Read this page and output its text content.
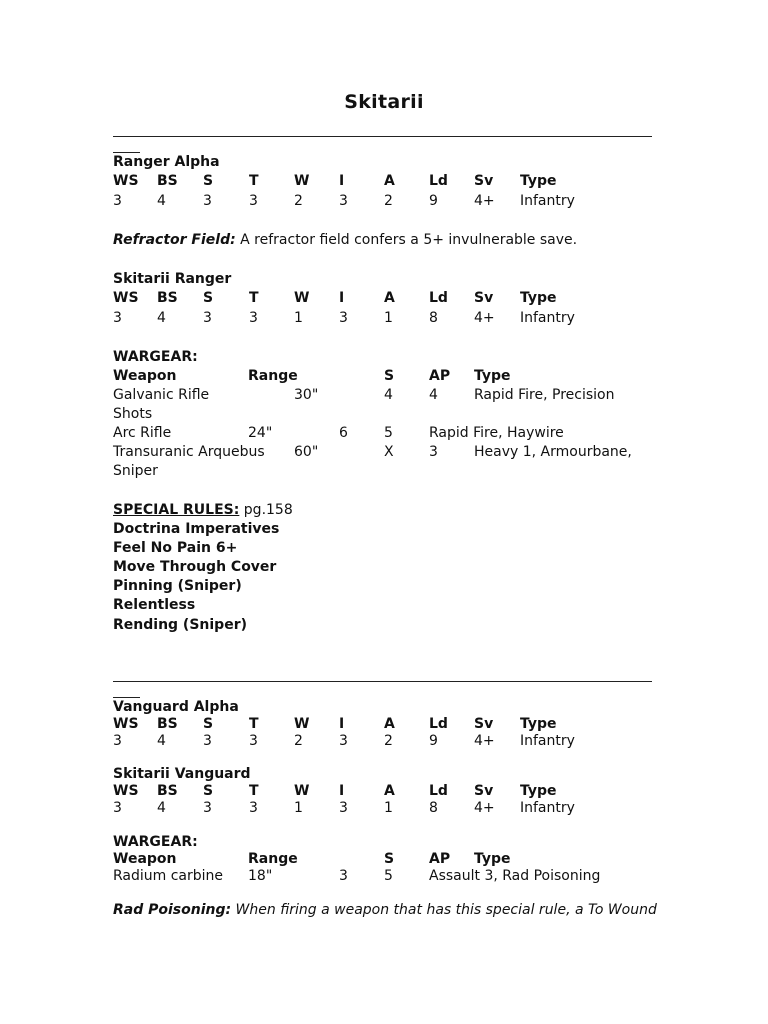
Skitarii
Ranger Alpha
WS BS S	T	W I	A Ld Sv Type
3	4	3	3	2	3	2	9	4+ Infantry
Refractor Field: A refractor field confers a 5+ invulnerable save.
Skitarii Ranger
WS BS S	T	W I	A Ld Sv Type
3	4	3	3	1	3	1	8	4+ Infantry
WARGEAR:
Weapon	Range	S AP Type
Galvanic Rifle	30"	4	4	Rapid Fire, Precision
Shots
Arc Rifle	24"	6	5	Rapid Fire, Haywire
Transuranic Arquebus 60"	X	3	Heavy 1, Armourbane,
Sniper
SPECIAL RULES: pg.158
Doctrina Imperatives
Feel No Pain 6+
Move Through Cover
Pinning (Sniper)
Relentless
Rending (Sniper)
Vanguard Alpha
WS BS S	T	W I	A Ld Sv Type
3	4	3	3	2	3	2	9	4+ Infantry
Skitarii Vanguard
WS BS S	T	W I	A Ld Sv Type
3	4	3	3	1	3	1	8	4+ Infantry
WARGEAR:
Weapon	Range	S AP Type
Radium carbine 18"	3	5	Assault 3, Rad Poisoning
Rad Poisoning: When firing a weapon that has this special rule, a To Wound
